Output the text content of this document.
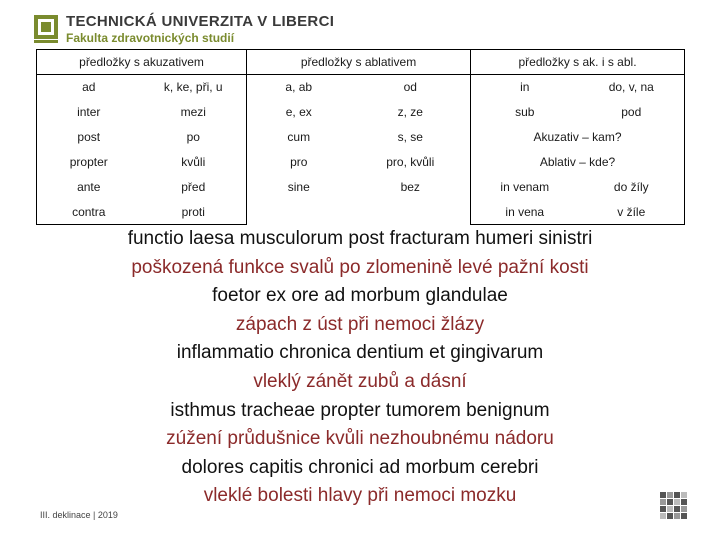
TECHNICKÁ UNIVERZITA V LIBERCI
Fakulta zdravotnických studií
předložky s akuzativem		předložky s ablativem		předložky s ak. i s abl.	
ad	k, ke, při, u	a, ab	od	in	do, v, na
inter	mezi	e, ex	z, ze	sub	pod
post	po	cum	s, se	Akuzativ – kam?	
propter	kvůli	pro	pro, kvůli	Ablativ – kde?	
ante	před	sine	bez	in venam	do žíly
contra	proti			in vena	v žíle
functio laesa musculorum post fracturam humeri sinistri
poškozená funkce svalů po zlomenině levé pažní kosti
foetor ex ore ad morbum glandulae
zápach z úst při nemoci žlázy
inflammatio chronica dentium et gingivarum
vleklý zánět zubů a dásní
isthmus tracheae propter tumorem benignum
zúžení průdušnice kvůli nezhoubnému nádoru
dolores capitis chronici ad morbum cerebri
vleklé bolesti hlavy při nemoci mozku
III. deklinace | 2019
